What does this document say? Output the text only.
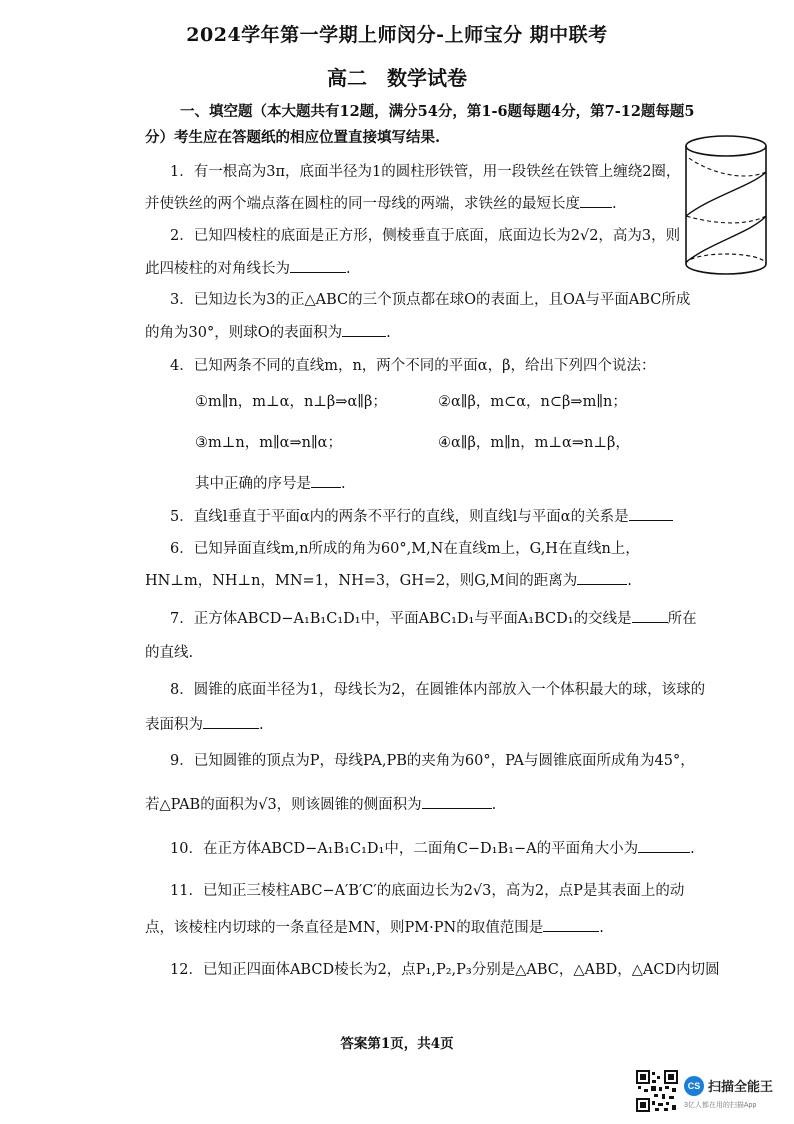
2024学年第一学期上师闵分-上师宝分 期中联考
高二　数学试卷
一、填空题（本大题共有12题，满分54分，第1-6题每题4分，第7-12题每题5
分）考生应在答题纸的相应位置直接填写结果.
1．有一根高为3π，底面半径为1的圆柱形铁管，用一段铁丝在铁管上缠绕2圈，
并使铁丝的两个端点落在圆柱的同一母线的两端，求铁丝的最短长度 .
2．已知四棱柱的底面是正方形，侧棱垂直于底面，底面边长为2√2，高为3，则
此四棱柱的对角线长为	.
3．已知边长为3的正△ABC的三个顶点都在球O的表面上，且OA与平面ABC所成
的角为30°，则球O的表面积为	.
4．已知两条不同的直线m，n，两个不同的平面α，β，给出下列四个说法：
①m∥n，m⊥α，n⊥β⇒α∥β；	②α∥β，m⊂α，n⊂β⇒m∥n；
③m⊥n，m∥α⇒n∥α；	④α∥β，m∥n，m⊥α⇒n⊥β，
其中正确的序号是 .
5．直线l垂直于平面α内的两条不平行的直线，则直线l与平面α的关系是
6．已知异面直线m,n所成的角为60°,M,N在直线m上，G,H在直线n上，
HN⊥m，NH⊥n，MN=1，NH=3，GH=2，则G,M间的距离为	.
7．正方体ABCD−A₁B₁C₁D₁中，平面ABC₁D₁与平面A₁BCD₁的交线是 所在
的直线.
8．圆锥的底面半径为1，母线长为2，在圆锥体内部放入一个体积最大的球，该球的
表面积为	.
9．已知圆锥的顶点为P，母线PA,PB的夹角为60°，PA与圆锥底面所成角为45°，
若△PAB的面积为√3，则该圆锥的侧面积为	.
10．在正方体ABCD−A₁B₁C₁D₁中，二面角C−D₁B₁−A的平面角大小为	.
11．已知正三棱柱ABC−A′B′C′的底面边长为2√3，高为2，点P是其表面上的动
点，该棱柱内切球的一条直径是MN，则PM·PN的取值范围是	.
12．已知正四面体ABCD棱长为2，点P₁,P₂,P₃分别是△ABC，△ABD，△ACD内切圆
答案第1页，共4页
CS 扫描全能王
3亿人都在用的扫描App
